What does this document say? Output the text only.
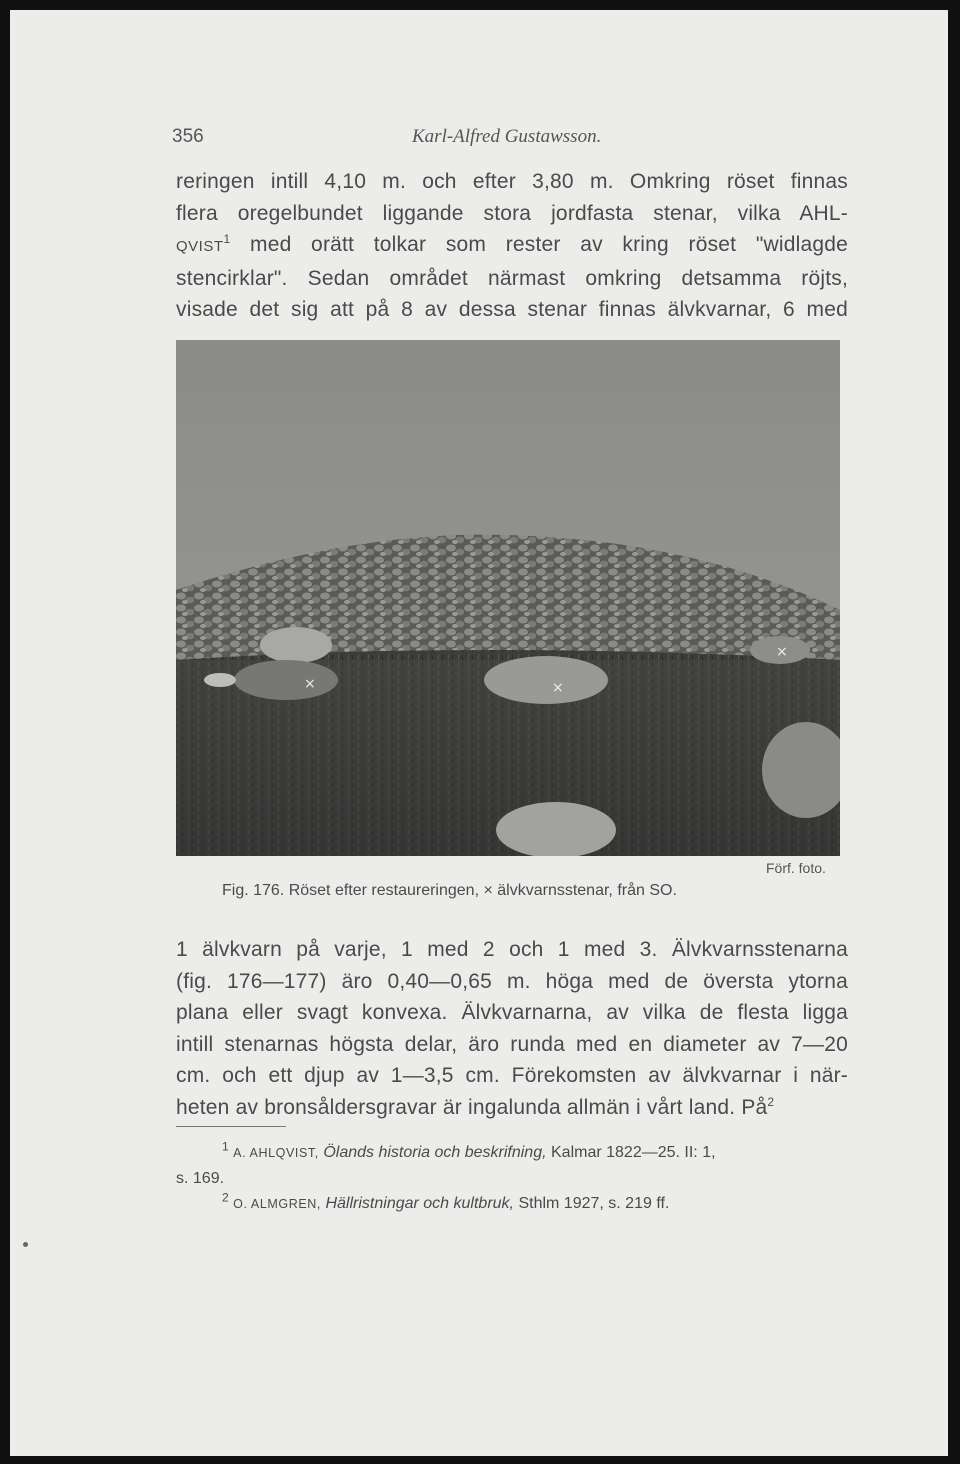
356	Karl-Alfred Gustawsson.
reringen intill 4,10 m. och efter 3,80 m. Omkring röset finnas
flera oregelbundet liggande stora jordfasta stenar, vilka AHL-
QVIST$^1$ med orätt tolkar som rester av kring röset "widlagde
stencirklar". Sedan området närmast omkring detsamma röjts,
visade det sig att på 8 av dessa stenar finnas älvkvarnar, 6 med
×	×
×
Förf. foto.
Fig. 176. Röset efter restaureringen, × älvkvarnsstenar, från SO.
1 älvkvarn på varje, 1 med 2 och 1 med 3. Älvkvarnsstenarna
(fig. 176—177) äro 0,40—0,65 m. höga med de översta ytorna
plana eller svagt konvexa. Älvkvarnarna, av vilka de flesta ligga
intill stenarnas högsta delar, äro runda med en diameter av 7—20
cm. och ett djup av 1—3,5 cm. Förekomsten av älvkvarnar i när-
heten av bronsåldersgravar är ingalunda allmän i vårt land. $På^2$
$^1$ A. AHLQVIST, Ölands historia och beskrifning, Kalmar 1822—25. II: 1,
s. 169.
$^2$ O. ALMGREN, Hällristningar och kultbruk, Sthlm 1927, s. 219 ff.
